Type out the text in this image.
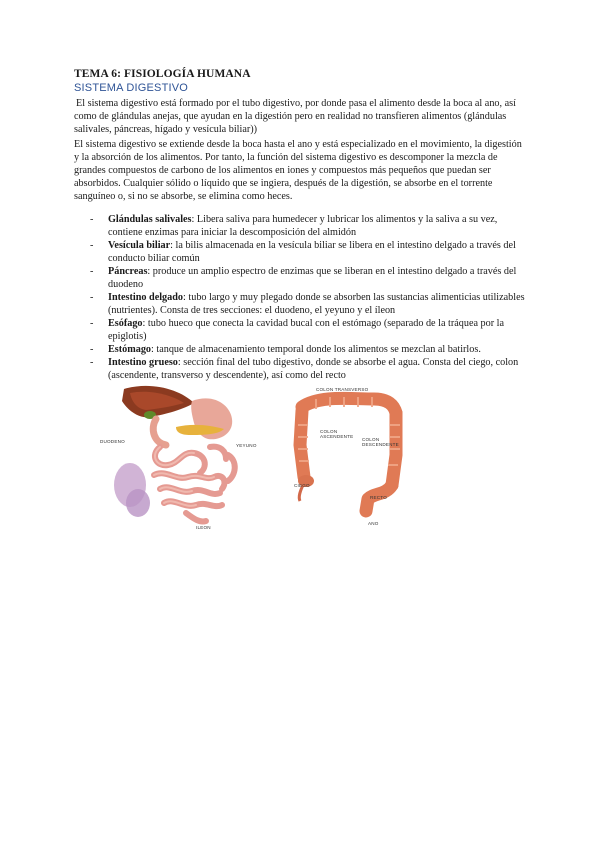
TEMA 6: FISIOLOGÍA HUMANA
SISTEMA DIGESTIVO

El sistema digestivo está formado por el tubo digestivo, por donde pasa el alimento desde la boca al ano, así como de glándulas anejas, que ayudan en la digestión pero en realidad no transfieren alimentos (glándulas salivales, páncreas, hígado y vesícula biliar))

El sistema digestivo se extiende desde la boca hasta el ano y está especializado en el movimiento, la digestión y la absorción de los alimentos. Por tanto, la función del sistema digestivo es descomponer la mezcla de grandes compuestos de carbono de los alimentos en iones y compuestos más pequeños que puedan ser absorbidos. Cualquier sólido o líquido que se ingiera, después de la digestión, se absorbe en el torrente sanguíneo o, si no se absorbe, se elimina como heces.

- Glándulas salivales: Libera saliva para humedecer y lubricar los alimentos y la saliva a su vez, contiene enzimas para iniciar la descomposición del almidón
- Vesícula biliar: la bilis almacenada en la vesícula biliar se libera en el intestino delgado a través del conducto biliar común
- Páncreas: produce un amplio espectro de enzimas que se liberan en el intestino delgado a través del duodeno
- Intestino delgado: tubo largo y muy plegado donde se absorben las sustancias alimenticias utilizables (nutrientes). Consta de tres secciones: el duodeno, el yeyuno y el íleon
- Esófago: tubo hueco que conecta la cavidad bucal con el estómago (separado de la tráquea por la epiglotis)
- Estómago: tanque de almacenamiento temporal donde los alimentos se mezclan al batirlos.
- Intestino grueso: sección final del tubo digestivo, donde se absorbe el agua. Consta del ciego, colon (ascendente, transverso y descendente), así como del recto
DUODENO
YEYUNO
ILEON
COLON TRANSVERSO
COLON ASCENDENTE
COLON DESCENDENTE
CIEGO
RECTO
ANO
